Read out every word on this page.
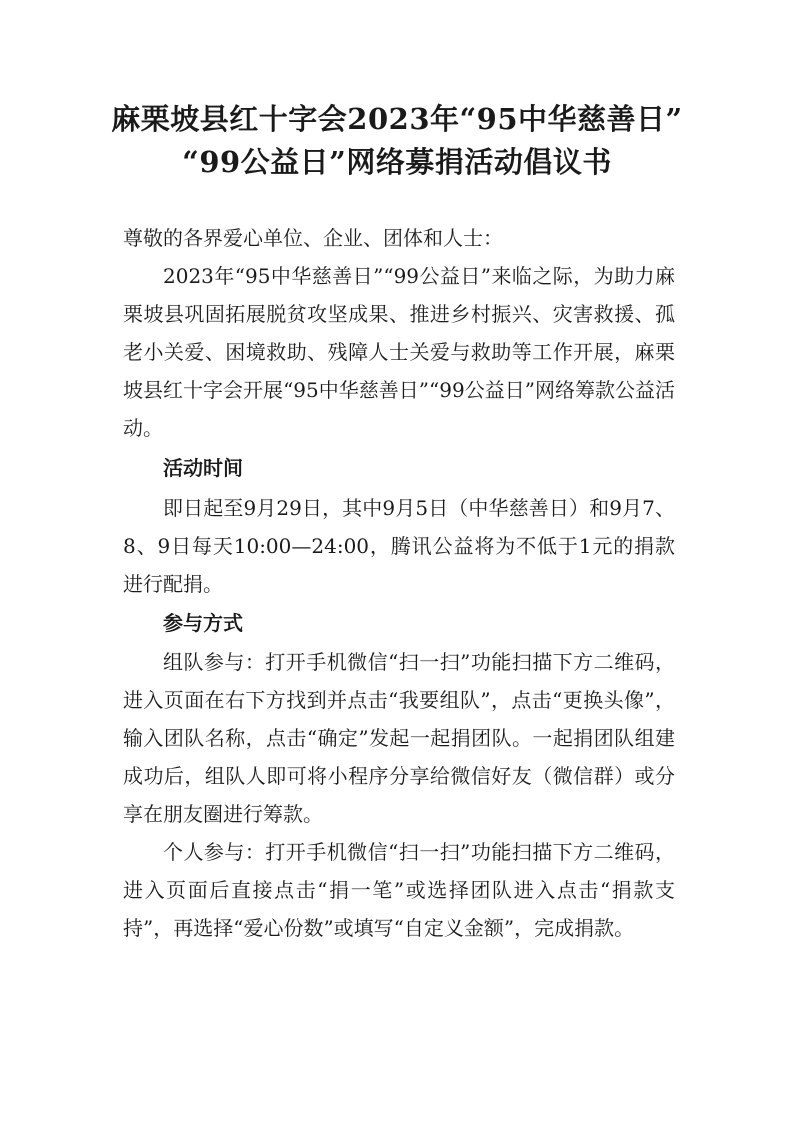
麻栗坡县红十字会2023年“95中华慈善日”
“99公益日”网络募捐活动倡议书

尊敬的各界爱心单位、企业、团体和人士：

2023年“95中华慈善日”“99公益日”来临之际，为助力麻栗坡县巩固拓展脱贫攻坚成果、推进乡村振兴、灾害救援、孤老小关爱、困境救助、残障人士关爱与救助等工作开展，麻栗坡县红十字会开展“95中华慈善日”“99公益日”网络筹款公益活动。

活动时间

即日起至9月29日，其中9月5日（中华慈善日）和9月7、8、9日每天10:00—24:00，腾讯公益将为不低于1元的捐款进行配捐。

参与方式

组队参与：打开手机微信“扫一扫”功能扫描下方二维码，进入页面在右下方找到并点击“我要组队”，点击“更换头像”，输入团队名称，点击“确定”发起一起捐团队。一起捐团队组建成功后，组队人即可将小程序分享给微信好友（微信群）或分享在朋友圈进行筹款。

个人参与：打开手机微信“扫一扫”功能扫描下方二维码，进入页面后直接点击“捐一笔”或选择团队进入点击“捐款支持”，再选择“爱心份数”或填写“自定义金额”，完成捐款。
